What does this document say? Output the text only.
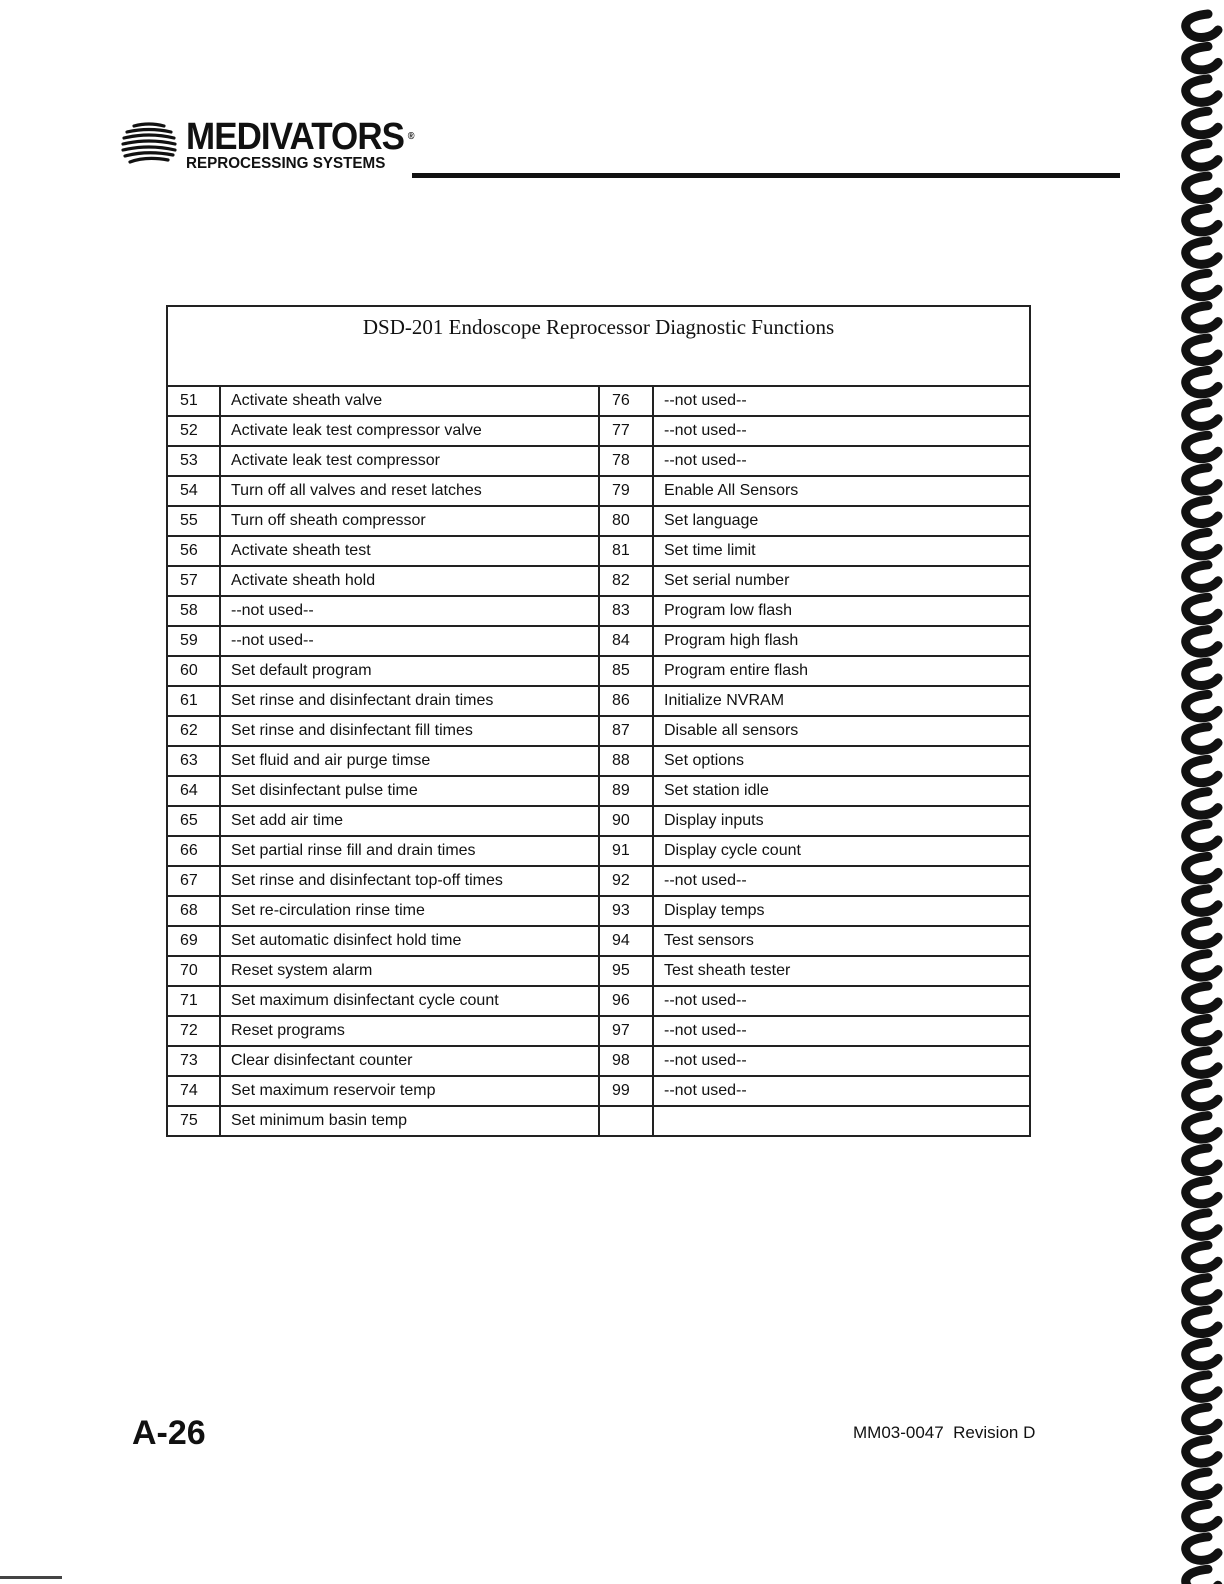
MEDIVATORS ®
REPROCESSING SYSTEMS
DSD-201 Endoscope Reprocessor Diagnostic Functions			
51	Activate sheath valve	76	--not used--
52	Activate leak test compressor valve	77	--not used--
53	Activate leak test compressor	78	--not used--
54	Turn off all valves and reset latches	79	Enable All Sensors
55	Turn off sheath compressor	80	Set language
56	Activate sheath test	81	Set time limit
57	Activate sheath hold	82	Set serial number
58	--not used--	83	Program low flash
59	--not used--	84	Program high flash
60	Set default program	85	Program entire flash
61	Set rinse and disinfectant drain times	86	Initialize NVRAM
62	Set rinse and disinfectant fill times	87	Disable all sensors
63	Set fluid and air purge timse	88	Set options
64	Set disinfectant pulse time	89	Set station idle
65	Set add air time	90	Display inputs
66	Set partial rinse fill and drain times	91	Display cycle count
67	Set rinse and disinfectant top-off times	92	--not used--
68	Set re-circulation rinse time	93	Display temps
69	Set automatic disinfect hold time	94	Test sensors
70	Reset system alarm	95	Test sheath tester
71	Set maximum disinfectant cycle count	96	--not used--
72	Reset programs	97	--not used--
73	Clear disinfectant counter	98	--not used--
74	Set maximum reservoir temp	99	--not used--
75	Set minimum basin temp		
A-26	MM03-0047  Revision D
